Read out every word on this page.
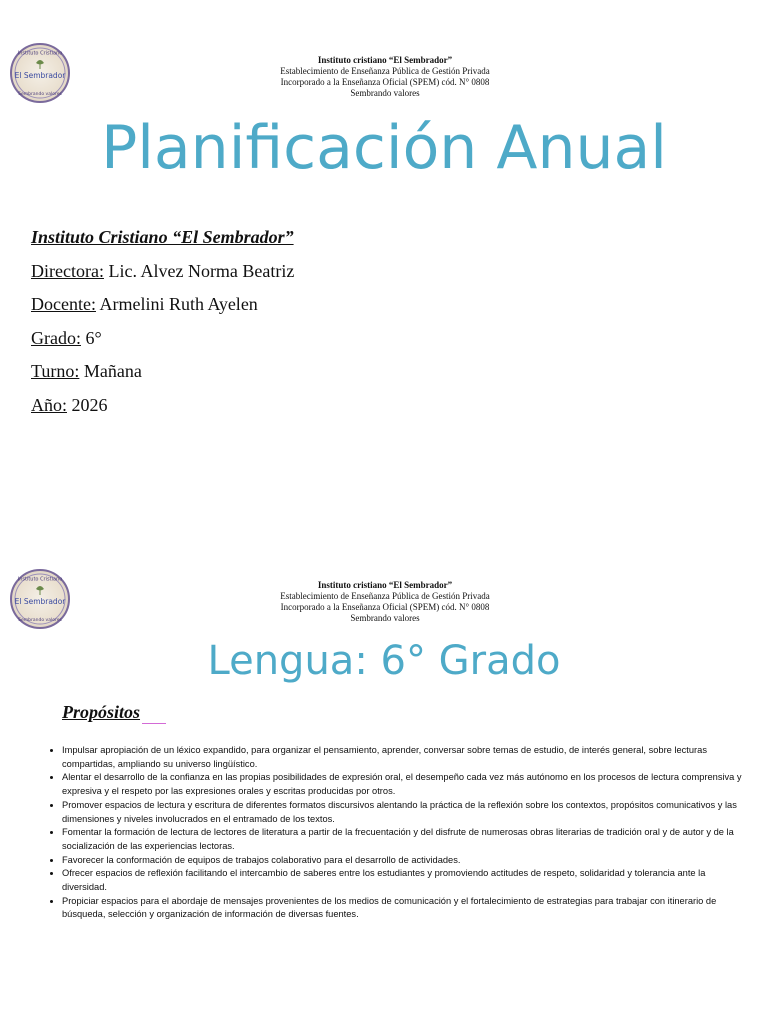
Instituto Cristiano
El Sembrador
Sembrando valores
Instituto cristiano “El Sembrador”
Establecimiento de Enseñanza Pública de Gestión Privada
Incorporado a la Enseñanza Oficial (SPEM) cód. N° 0808
Sembrando valores
Planificación Anual
Instituto Cristiano “El Sembrador”
Directora: Lic. Alvez Norma Beatriz
Docente: Armelini Ruth Ayelen
Grado: 6°
Turno: Mañana
Año: 2026
Instituto Cristiano
El Sembrador
Sembrando valores
Instituto cristiano “El Sembrador”
Establecimiento de Enseñanza Pública de Gestión Privada
Incorporado a la Enseñanza Oficial (SPEM) cód. N° 0808
Sembrando valores
Lengua: 6° Grado
Propósitos
• Impulsar apropiación de un léxico expandido, para organizar el pensamiento, aprender, conversar sobre temas de estudio, de interés general, sobre lecturas compartidas, ampliando su universo lingüístico.
• Alentar el desarrollo de la confianza en las propias posibilidades de expresión oral, el desempeño cada vez más autónomo en los procesos de lectura comprensiva y expresiva y el respeto por las expresiones orales y escritas producidas por otros.
• Promover espacios de lectura y escritura de diferentes formatos discursivos alentando la práctica de la reflexión sobre los contextos, propósitos comunicativos y las dimensiones y niveles involucrados en el entramado de los textos.
• Fomentar la formación de lectura de lectores de literatura a partir de la frecuentación y del disfrute de numerosas obras literarias de tradición oral y de autor y de la socialización de las experiencias lectoras.
• Favorecer la conformación de equipos de trabajos colaborativo para el desarrollo de actividades.
• Ofrecer espacios de reflexión facilitando el intercambio de saberes entre los estudiantes y promoviendo actitudes de respeto, solidaridad y tolerancia ante la diversidad.
• Propiciar espacios para el abordaje de mensajes provenientes de los medios de comunicación y el fortalecimiento de estrategias para trabajar con itinerario de búsqueda, selección y organización de información de diversas fuentes.
